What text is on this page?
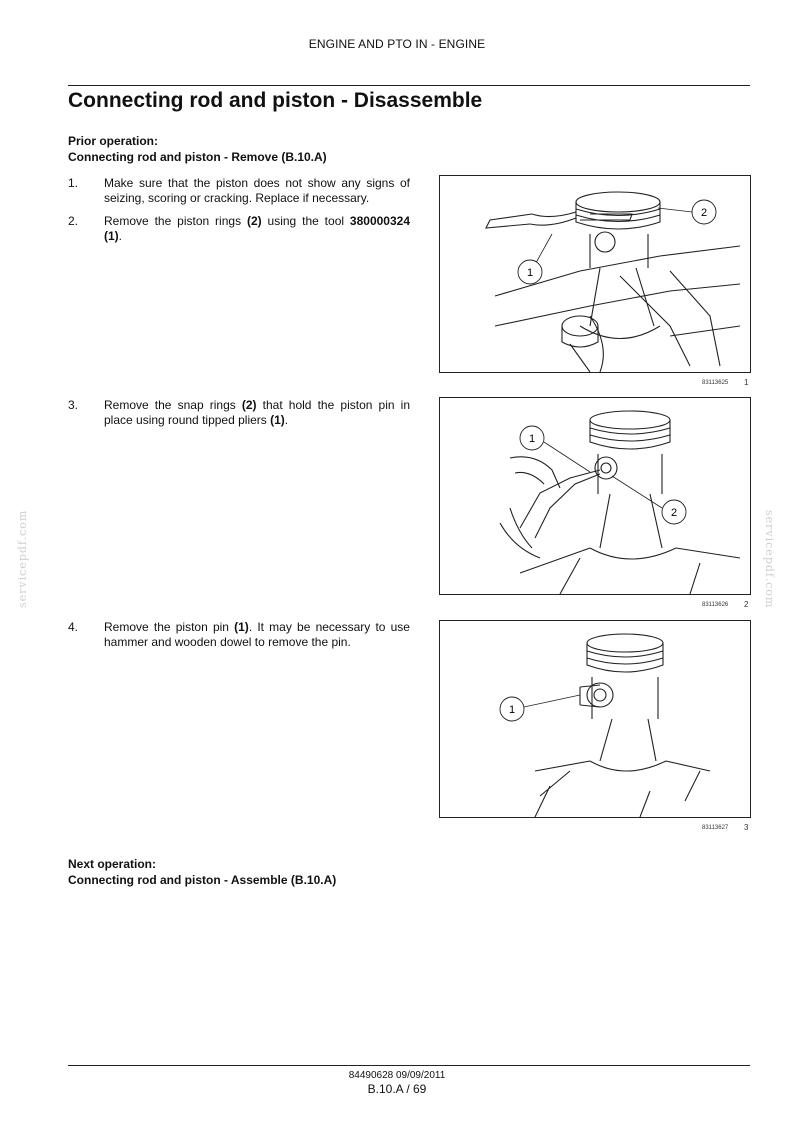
ENGINE AND PTO IN - ENGINE
Connecting rod and piston - Disassemble
Prior operation:
Connecting rod and piston - Remove (B.10.A)
1. Make sure that the piston does not show any signs of seizing, scoring or cracking. Replace if necessary.
2. Remove the piston rings (2) using the tool 380000324 (1).
3. Remove the snap rings (2) that hold the piston pin in place using round tipped pliers (1).
4. Remove the piston pin (1). It may be necessary to use hammer and wooden dowel to remove the pin.
2
1
83113625 1
1
2
83113626 2
1
83113627 3
Next operation:
Connecting rod and piston - Assemble (B.10.A)
servicepdf.com	servicepdf.com
84490628 09/09/2011
B.10.A / 69
